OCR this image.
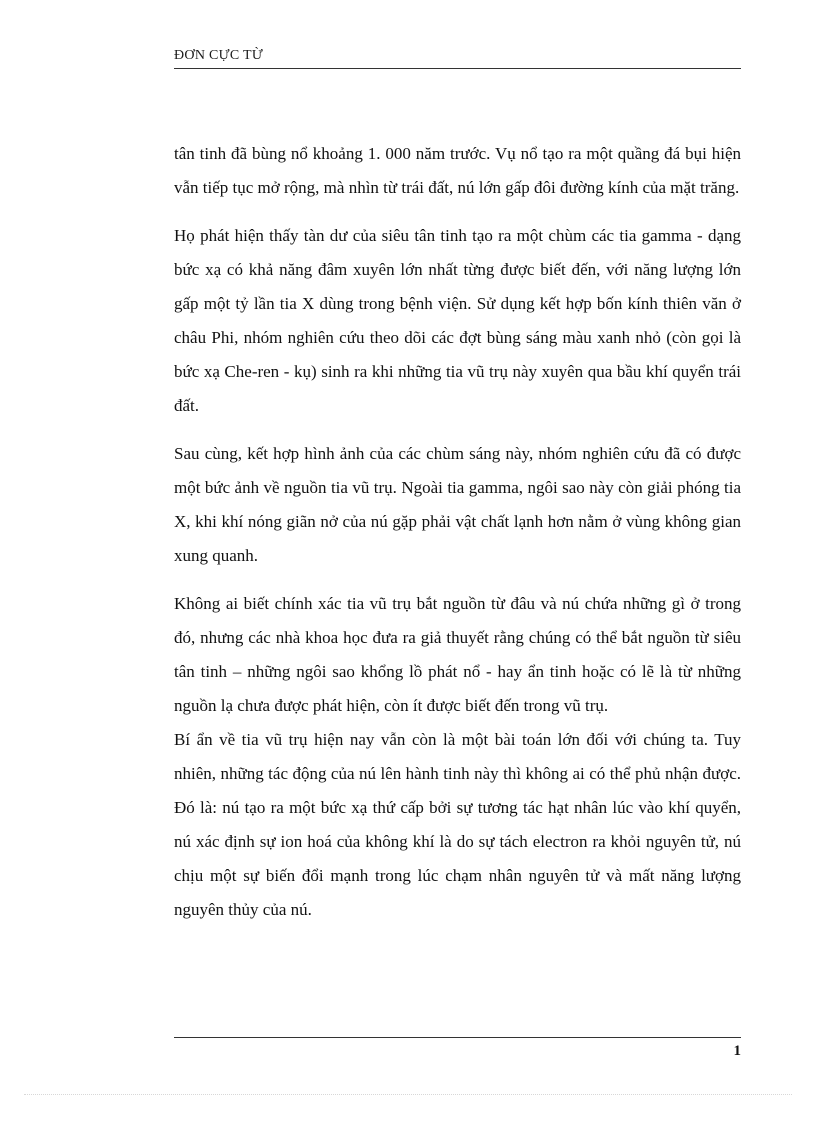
ĐƠN CỰC TỪ

tân tinh đã bùng nổ khoảng 1. 000 năm trước. Vụ nổ tạo ra một quầng đá bụi hiện vẫn tiếp tục mở rộng, mà nhìn từ trái đất, nú lớn gấp đôi đường kính của mặt trăng.

Họ phát hiện thấy tàn dư của siêu tân tinh tạo ra một chùm các tia gamma - dạng bức xạ có khả năng đâm xuyên lớn nhất từng được biết đến, với năng lượng lớn gấp một tỷ lần tia X dùng trong bệnh viện. Sử dụng kết hợp bốn kính thiên văn ở châu Phi, nhóm nghiên cứu theo dõi các đợt bùng sáng màu xanh nhỏ (còn gọi là bức xạ Che-ren - kụ) sinh ra khi những tia vũ trụ này xuyên qua bầu khí quyển trái đất.

Sau cùng, kết hợp hình ảnh của các chùm sáng này, nhóm nghiên cứu đã có được một bức ảnh về nguồn tia vũ trụ. Ngoài tia gamma, ngôi sao này còn giải phóng tia X, khi khí nóng giãn nở của nú gặp phải vật chất lạnh hơn nằm ở vùng không gian xung quanh.

Không ai biết chính xác tia vũ trụ bắt nguồn từ đâu và nú chứa những gì ở trong đó, nhưng các nhà khoa học đưa ra giả thuyết rằng chúng có thể bắt nguồn từ siêu tân tinh – những ngôi sao khổng lồ phát nổ - hay ẩn tinh hoặc có lẽ là từ những nguồn lạ chưa được phát hiện, còn ít được biết đến trong vũ trụ.

Bí ẩn về tia vũ trụ hiện nay vẫn còn là một bài toán lớn đối với chúng ta. Tuy nhiên, những tác động của nú lên hành tinh này thì không ai có thể phủ nhận được. Đó là: nú tạo ra một bức xạ thứ cấp bởi sự tương tác hạt nhân lúc vào khí quyển, nú xác định sự ion hoá của không khí là do sự tách electron ra khỏi nguyên tử, nú chịu một sự biến đổi mạnh trong lúc chạm nhân nguyên tử và mất năng lượng nguyên thủy của nú.

1
